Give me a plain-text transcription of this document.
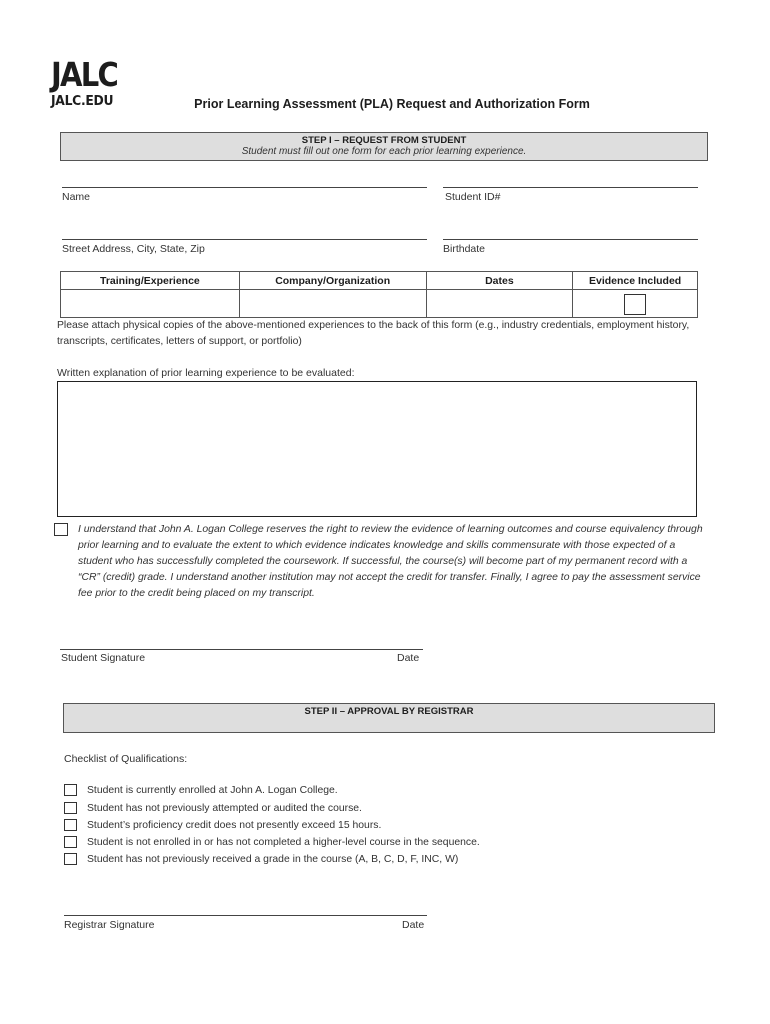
JALC
JALC.EDU	Prior Learning Assessment (PLA) Request and Authorization Form
STEP I – REQUEST FROM STUDENT
Student must fill out one form for each prior learning experience.
Name	Student ID#
Street Address, City, State, Zip	Birthdate
Training/Experience	Company/Organization	Dates	Evidence Included

Please attach physical copies of the above-mentioned experiences to the back of this form (e.g., industry credentials, employment history, transcripts, certificates, letters of support, or portfolio)
Written explanation of prior learning experience to be evaluated:
I understand that John A. Logan College reserves the right to review the evidence of learning outcomes and course equivalency through prior learning and to evaluate the extent to which evidence indicates knowledge and skills commensurate with those expected of a student who has successfully completed the coursework. If successful, the course(s) will become part of my permanent record with a “CR” (credit) grade. I understand another institution may not accept the credit for transfer. Finally, I agree to pay the assessment service fee prior to the credit being placed on my transcript.
Student Signature	Date
STEP II – APPROVAL BY REGISTRAR
Checklist of Qualifications:
Student is currently enrolled at John A. Logan College.
Student has not previously attempted or audited the course.
Student’s proficiency credit does not presently exceed 15 hours.
Student is not enrolled in or has not completed a higher-level course in the sequence.
Student has not previously received a grade in the course (A, B, C, D, F, INC, W)
Registrar Signature	Date
